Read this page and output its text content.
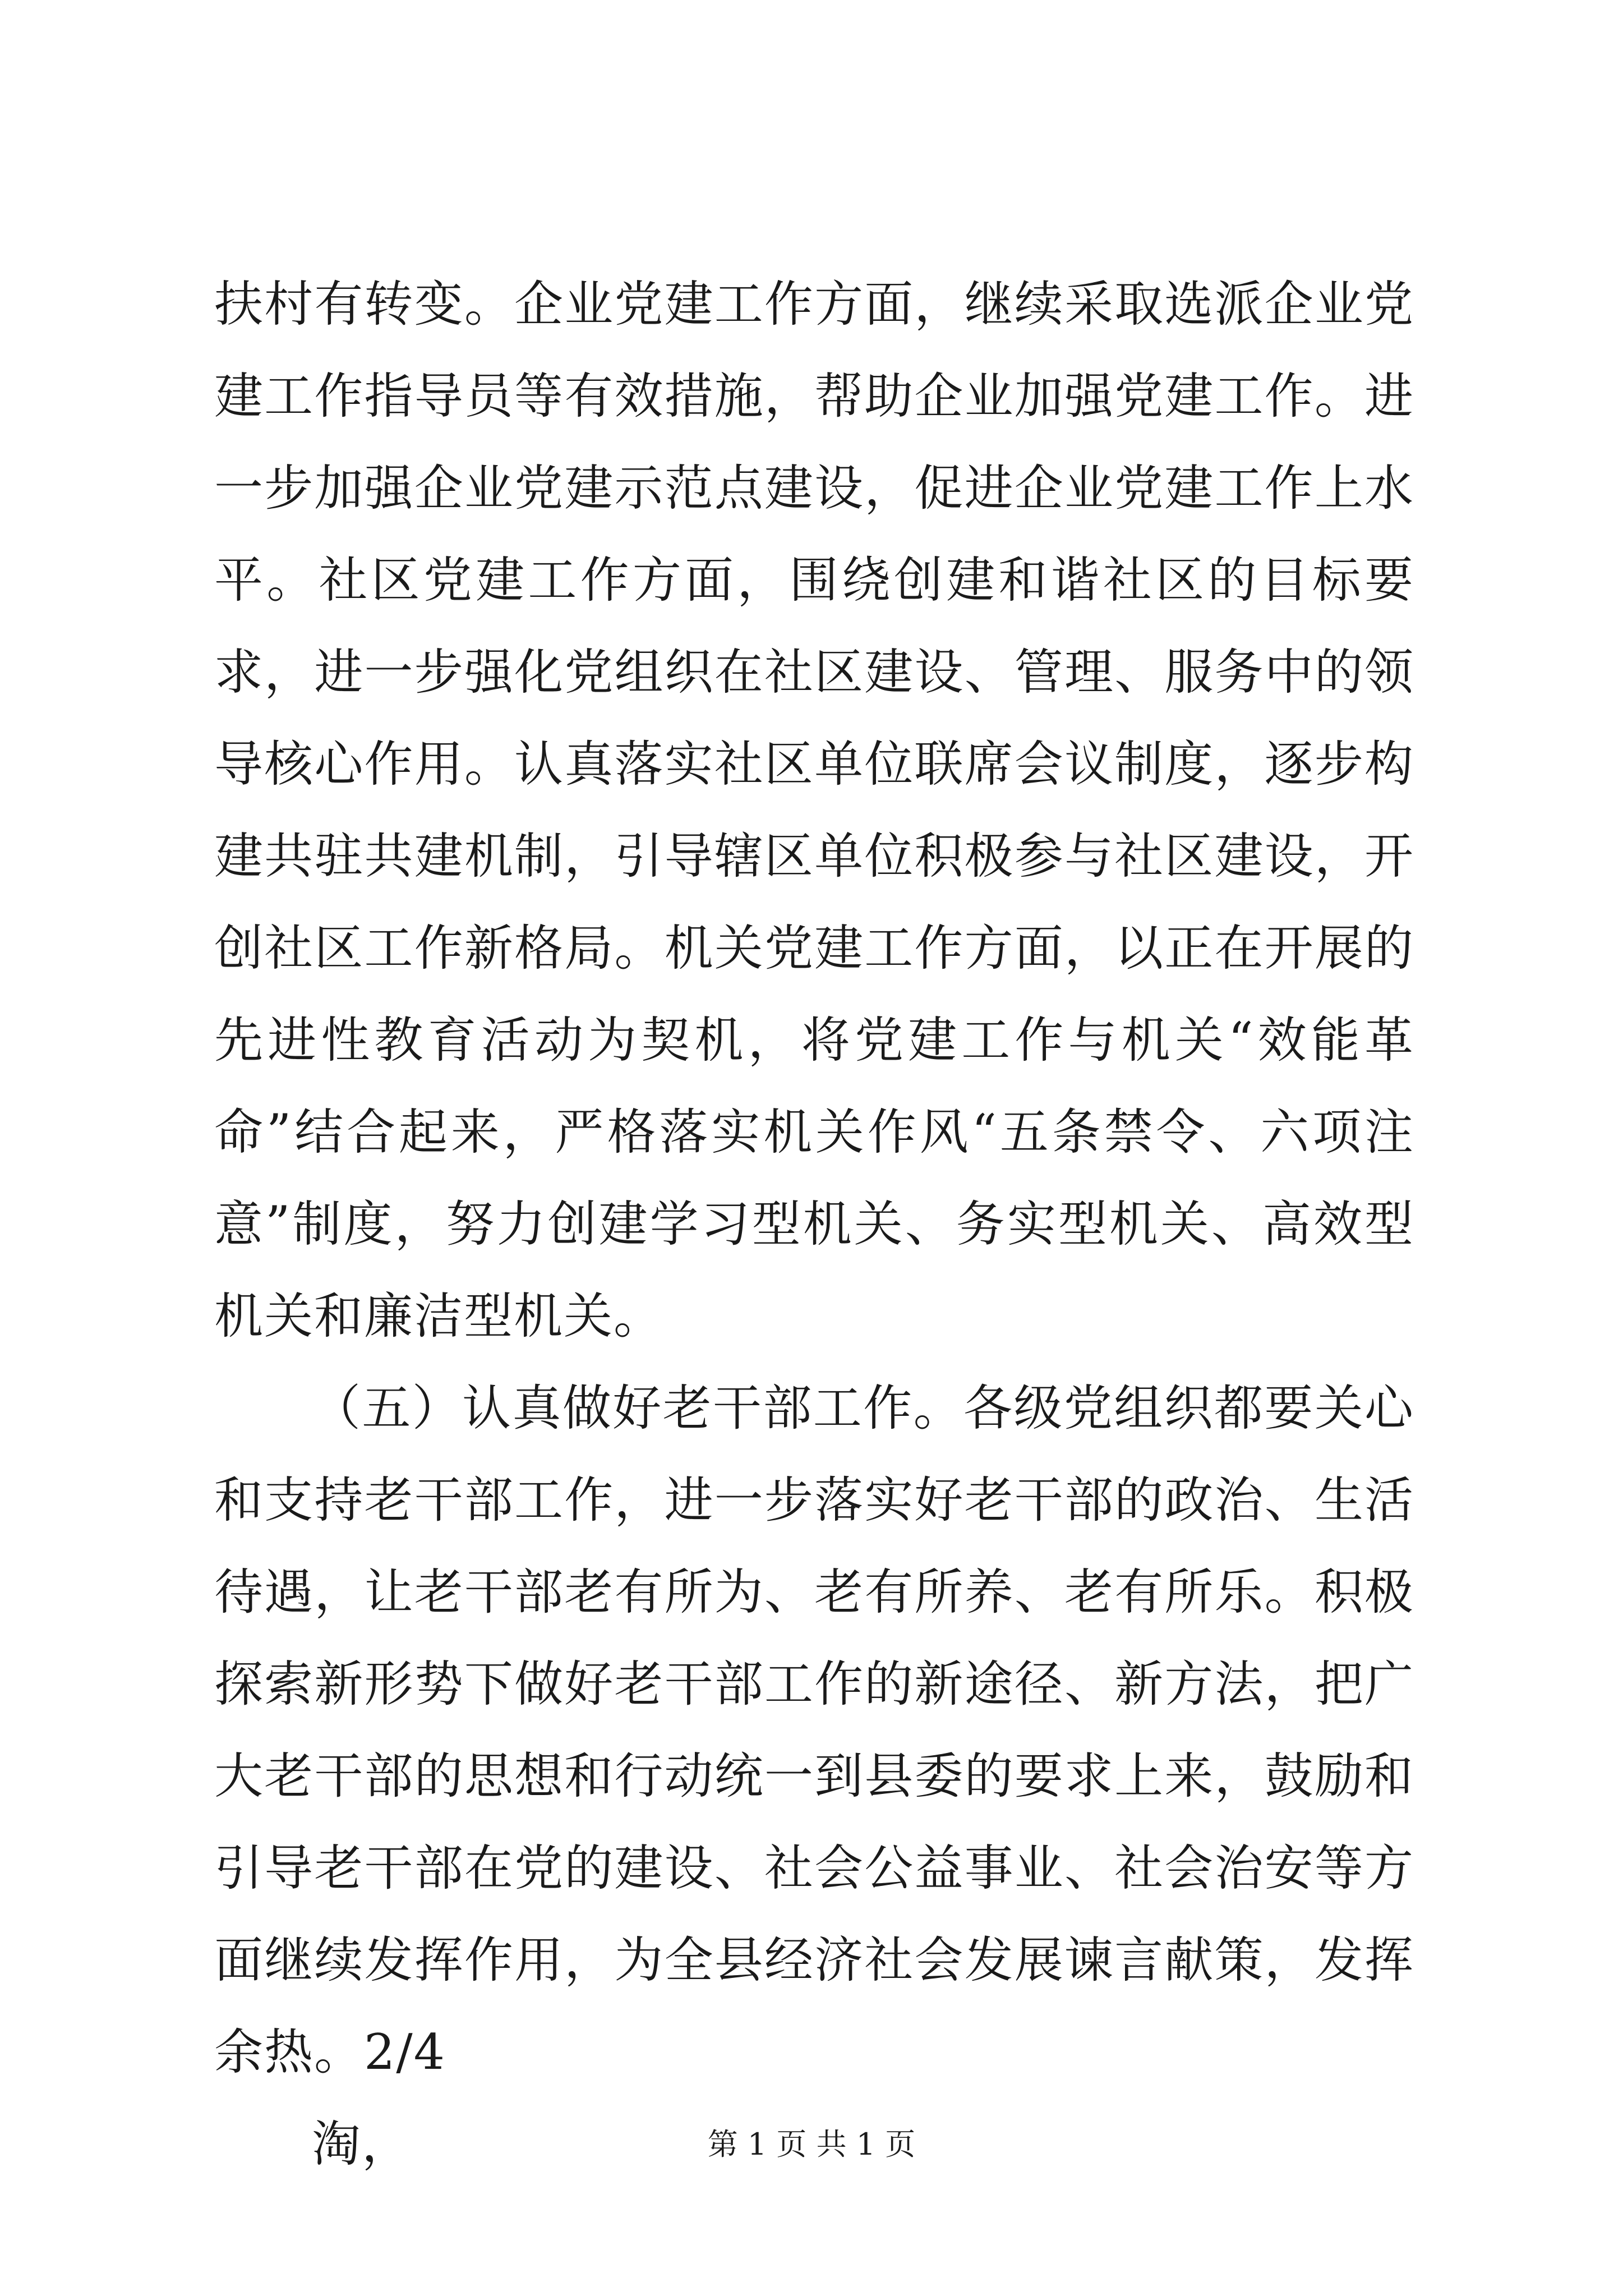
扶村有转变。企业党建工作方面，继续采取选派企业党建工作指导员等有效措施，帮助企业加强党建工作。进一步加强企业党建示范点建设，促进企业党建工作上水平。社区党建工作方面，围绕创建和谐社区的目标要求，进一步强化党组织在社区建设、管理、服务中的领导核心作用。认真落实社区单位联席会议制度，逐步构建共驻共建机制，引导辖区单位积极参与社区建设，开创社区工作新格局。机关党建工作方面，以正在开展的先进性教育活动为契机，将党建工作与机关“效能革命”结合起来，严格落实机关作风“五条禁令、六项注意”制度，努力创建学习型机关、务实型机关、高效型机关和廉洁型机关。

（五）认真做好老干部工作。各级党组织都要关心和支持老干部工作，进一步落实好老干部的政治、生活待遇，让老干部老有所为、老有所养、老有所乐。积极探索新形势下做好老干部工作的新途径、新方法，把广大老干部的思想和行动统一到县委的要求上来，鼓励和引导老干部在党的建设、社会公益事业、社会治安等方面继续发挥作用，为全县经济社会发展谏言献策，发挥余热。2/4

淘，	第 1 页 共 1 页
